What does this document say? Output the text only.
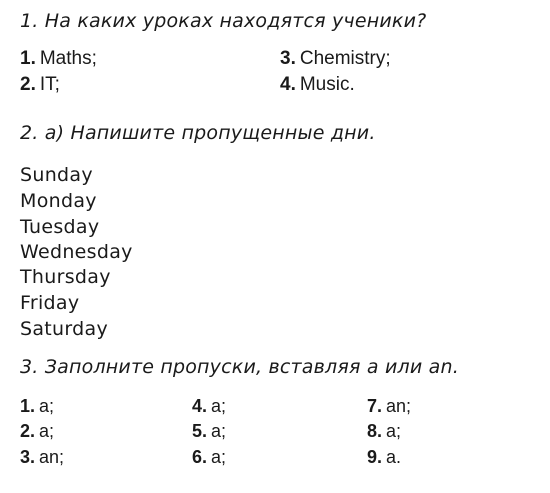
1. На каких уроках находятся ученики?
1. Maths;
2. IT;
3. Chemistry;
4. Music.
2. а) Напишите пропущенные дни.
Sunday
Monday
Tuesday
Wednesday
Thursday
Friday
Saturday
3. Заполните пропуски, вставляя а или an.
1. a;
2. a;
3. an;
4. a;
5. a;
6. a;
7. an;
8. a;
9. a.
